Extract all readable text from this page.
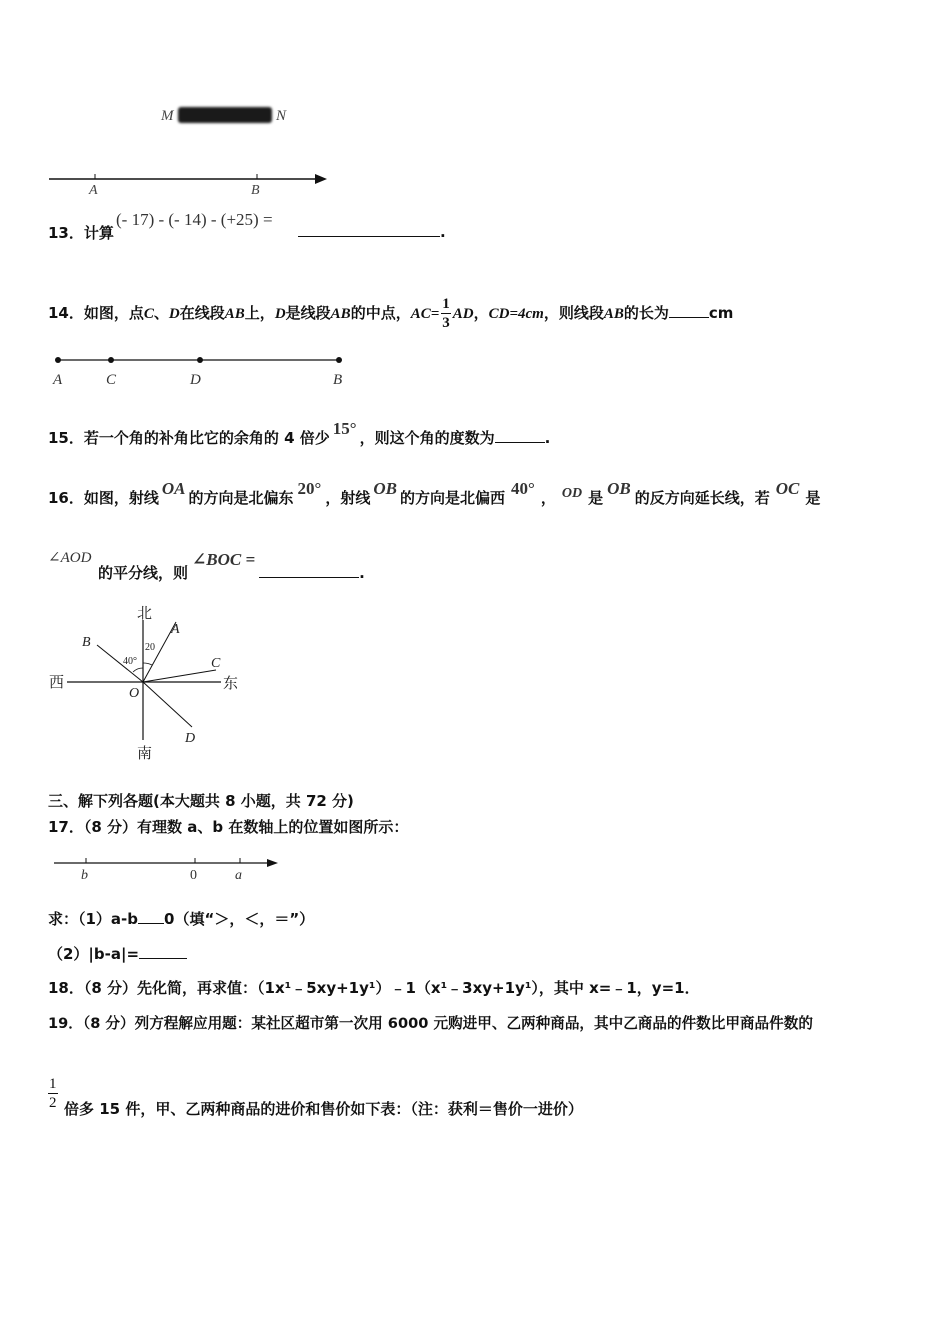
M	N
A	B
13．计算
(- 17) - (- 14) - (+25) =
.
14．如图，点C、D在线段AB上，D是线段AB的中点，$AC= \frac{1}{3}$ AD，CD=4cm，则线段AB的长为	cm
A	C	D	B
15．若一个角的补角比它的余角的 4 倍少 15° ，则这个角的度数为	.
16．如图，射线 OA 的方向是北偏东 20° ，射线 OB 的方向是北偏西 40° ， OD 是 OB 的反方向延长线，若 OC 是
∠AOD
的平分线，则∠BOC =.
北
南
西	东
A
B
C
D
O
40°
20
三、解下列各题(本大题共 8 小题，共 72 分)
17．（8 分）有理数 a、b 在数轴上的位置如图所示：
b	0	a
求：（1）a-b 0（填“＞，＜，＝”）
（2）|b-a|=
18．（8 分）先化简，再求值：（1x¹﹣5xy+1y¹）﹣1（x¹﹣3xy+1y¹），其中 x=﹣1，y=1．
19．（8 分）列方程解应用题：某社区超市第一次用 6000 元购进甲、乙两种商品，其中乙商品的件数比甲商品件数的
$\frac{1}{2}$ 倍多 15 件，甲、乙两种商品的进价和售价如下表：（注：获利＝售价一进价）
